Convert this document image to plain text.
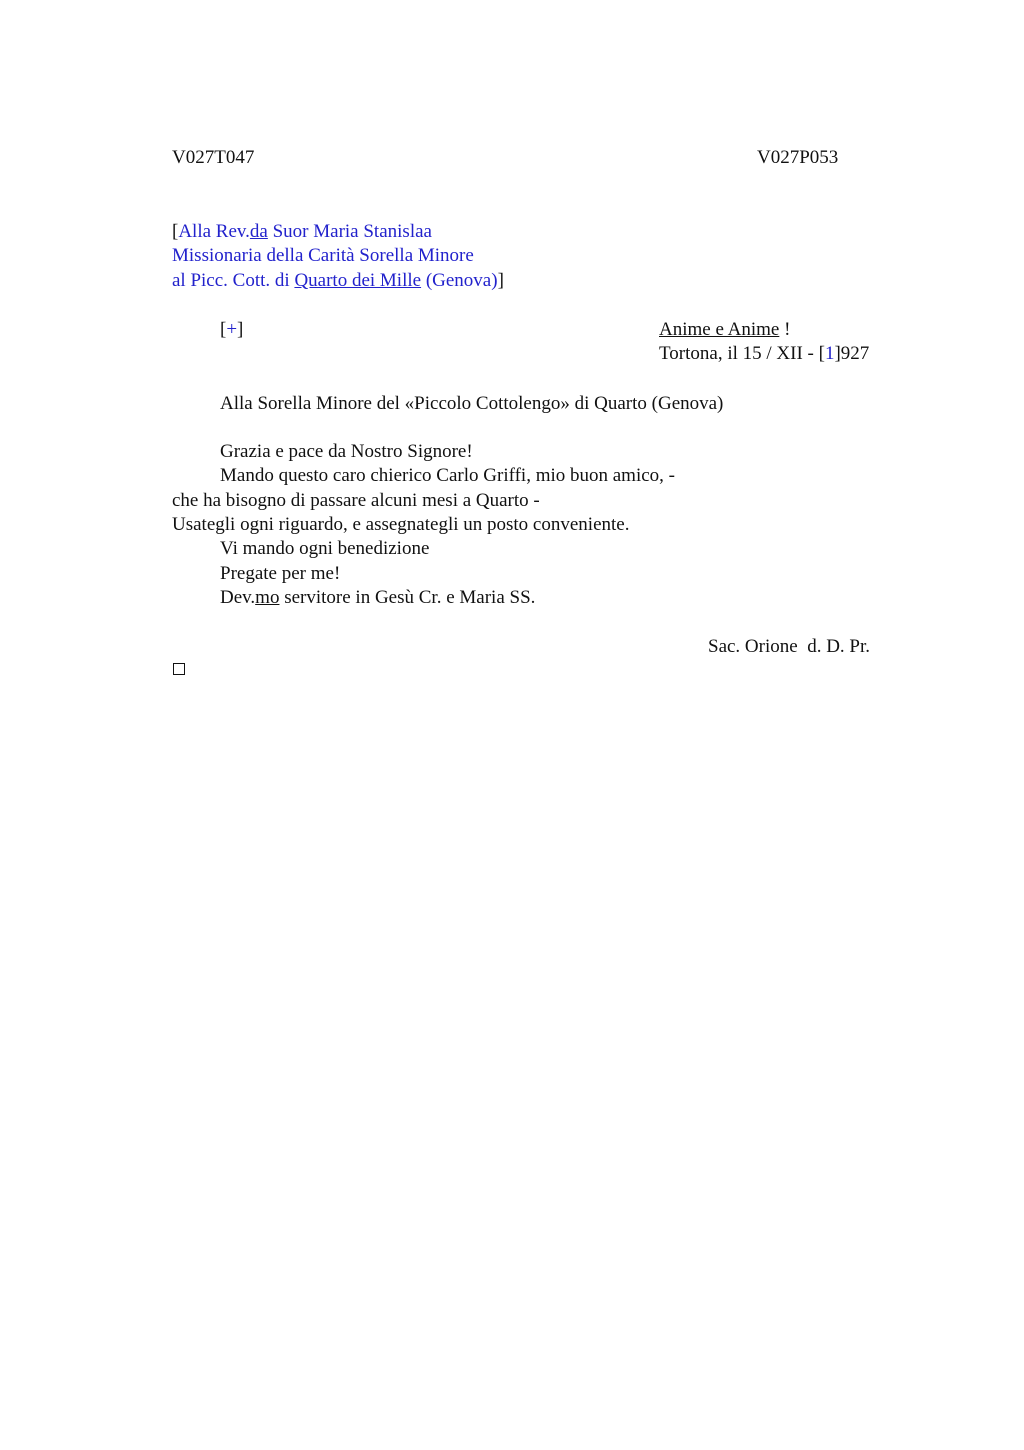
V027T047	V027P053
[Alla Rev.da Suor Maria Stanislaa
Missionaria della Carità Sorella Minore
al Picc. Cott. di Quarto dei Mille (Genova)]
[+]	Anime e Anime !
Tortona, il 15 / XII - [1]927
Alla Sorella Minore del «Piccolo Cottolengo» di Quarto (Genova)
Grazia e pace da Nostro Signore!
Mando questo caro chierico Carlo Griffi, mio buon amico, -
che ha bisogno di passare alcuni mesi a Quarto -
Usategli ogni riguardo, e assegnategli un posto conveniente.
Vi mando ogni benedizione
Pregate per me!
Dev.mo servitore in Gesù Cr. e Maria SS.
Sac. Orione  d. D. Pr.
